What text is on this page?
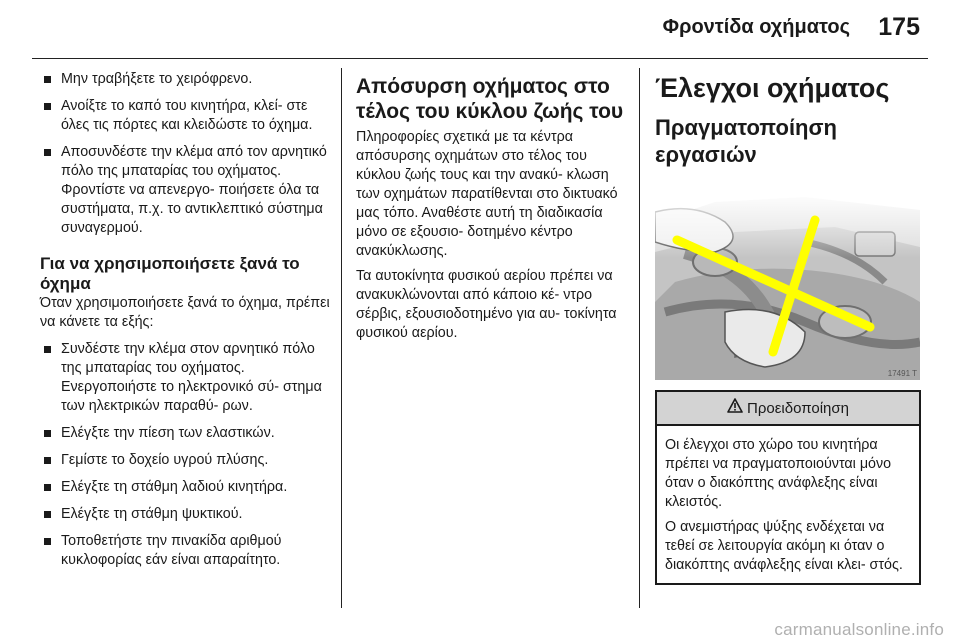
Φροντίδα οχήματος 175
Μην τραβήξετε το χειρόφρενο.
Ανοίξτε το καπό του κινητήρα, κλεί- στε όλες τις πόρτες και κλειδώστε το όχημα.
Αποσυνδέστε την κλέμα από τον αρνητικό πόλο της μπαταρίας του οχήματος. Φροντίστε να απενεργο- ποιήσετε όλα τα συστήματα, π.χ. το αντικλεπτικό σύστημα συναγερμού.
Για να χρησιμοποιήσετε ξανά το όχημα
Όταν χρησιμοποιήσετε ξανά το όχημα, πρέπει να κάνετε τα εξής:
Συνδέστε την κλέμα στον αρνητικό πόλο της μπαταρίας του οχήματος. Ενεργοποιήστε το ηλεκτρονικό σύ- στημα των ηλεκτρικών παραθύ- ρων.
Ελέγξτε την πίεση των ελαστικών.
Γεμίστε το δοχείο υγρού πλύσης.
Ελέγξτε τη στάθμη λαδιού κινητήρα.
Ελέγξτε τη στάθμη ψυκτικού.
Τοποθετήστε την πινακίδα αριθμού κυκλοφορίας εάν είναι απαραίτητο.
Απόσυρση οχήματος στο τέλος του κύκλου ζωής του
Πληροφορίες σχετικά με τα κέντρα απόσυρσης οχημάτων στο τέλος του κύκλου ζωής τους και την ανακύ- κλωση των οχημάτων παρατίθενται στο δικτυακό μας τόπο. Αναθέστε αυτή τη διαδικασία μόνο σε εξουσιο- δοτημένο κέντρο ανακύκλωσης.
Τα αυτοκίνητα φυσικού αερίου πρέπει να ανακυκλώνονται από κάποιο κέ- ντρο σέρβις, εξουσιοδοτημένο για αυ- τοκίνητα φυσικού αερίου.
Έλεγχοι οχήματος
Πραγματοποίηση εργασιών
17491 T
Προειδοποίηση
Οι έλεγχοι στο χώρο του κινητήρα πρέπει να πραγματοποιούνται μόνο όταν ο διακόπτης ανάφλεξης είναι κλειστός.
Ο ανεμιστήρας ψύξης ενδέχεται να τεθεί σε λειτουργία ακόμη κι όταν ο διακόπτης ανάφλεξης είναι κλει- στός.
carmanualsonline.info
